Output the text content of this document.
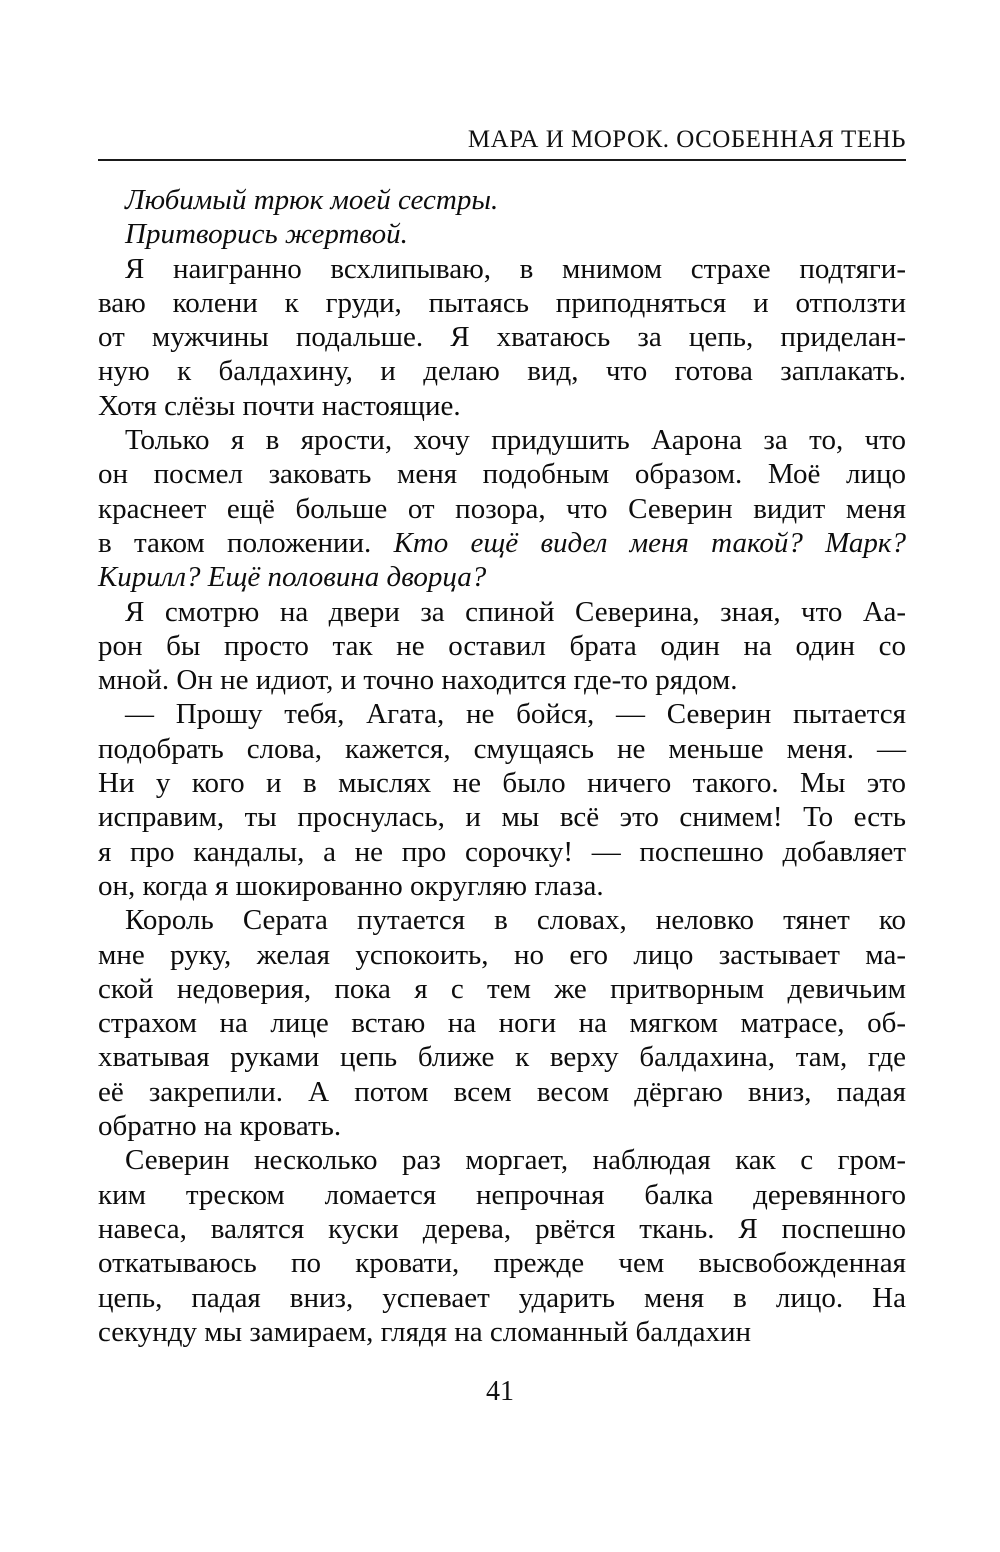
МАРА И МОРОК. ОСОБЕННАЯ ТЕНЬ
Любимый трюк моей сестры.
Притворись жертвой.
Я наигранно всхлипываю, в мнимом страхе подтяги-
ваю колени к груди, пытаясь приподняться и отползти
от мужчины подальше. Я хватаюсь за цепь, приделан-
ную к балдахину, и делаю вид, что готова заплакать.
Хотя слёзы почти настоящие.
Только я в ярости, хочу придушить Аарона за то, что
он посмел заковать меня подобным образом. Моё лицо
краснеет ещё больше от позора, что Северин видит меня
в таком положении. Кто ещё видел меня такой? Марк?
Кирилл? Ещё половина дворца?
Я смотрю на двери за спиной Северина, зная, что Аа-
рон бы просто так не оставил брата один на один со
мной. Он не идиот, и точно находится где-то рядом.
— Прошу тебя, Агата, не бойся, — Северин пытается
подобрать слова, кажется, смущаясь не меньше меня. —
Ни у кого и в мыслях не было ничего такого. Мы это
исправим, ты проснулась, и мы всё это снимем! То есть
я про кандалы, а не про сорочку! — поспешно добавляет
он, когда я шокированно округляю глаза.
Король Серата путается в словах, неловко тянет ко
мне руку, желая успокоить, но его лицо застывает ма-
ской недоверия, пока я с тем же притворным девичьим
страхом на лице встаю на ноги на мягком матрасе, об-
хватывая руками цепь ближе к верху балдахина, там, где
её закрепили. А потом всем весом дёргаю вниз, падая
обратно на кровать.
Северин несколько раз моргает, наблюдая как с гром-
ким треском ломается непрочная балка деревянного
навеса, валятся куски дерева, рвётся ткань. Я поспешно
откатываюсь по кровати, прежде чем высвобожденная
цепь, падая вниз, успевает ударить меня в лицо. На
секунду мы замираем, глядя на сломанный балдахин
41
